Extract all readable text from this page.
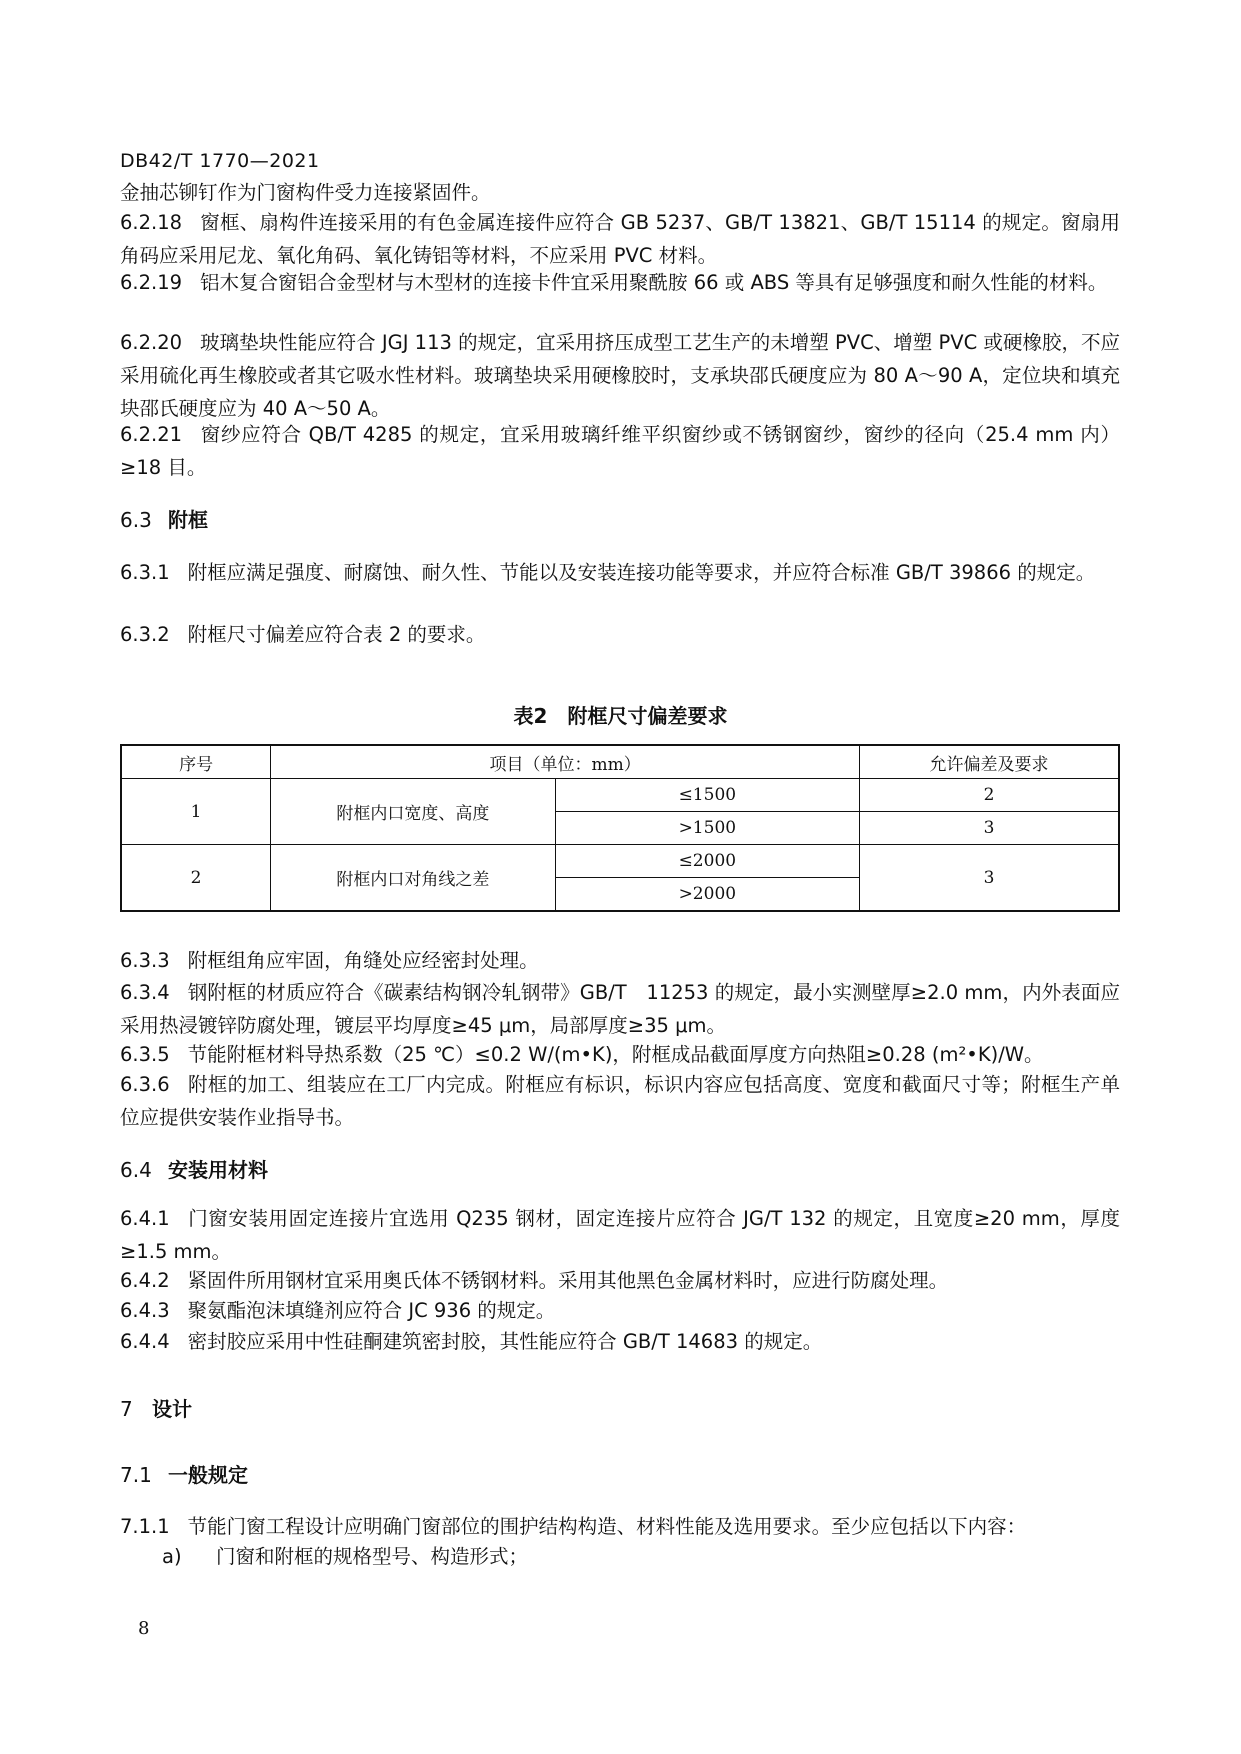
DB42/T 1770—2021
金抽芯铆钉作为门窗构件受力连接紧固件。
6.2.18 窗框、扇构件连接采用的有色金属连接件应符合 GB 5237、GB/T 13821、GB/T 15114 的规定。窗扇用角码应采用尼龙、氧化角码、氧化铸铝等材料，不应采用 PVC 材料。
6.2.19 铝木复合窗铝合金型材与木型材的连接卡件宜采用聚酰胺 66 或 ABS 等具有足够强度和耐久性能的材料。
6.2.20 玻璃垫块性能应符合 JGJ 113 的规定，宜采用挤压成型工艺生产的未增塑 PVC、增塑 PVC 或硬橡胶，不应采用硫化再生橡胶或者其它吸水性材料。玻璃垫块采用硬橡胶时，支承块邵氏硬度应为 80 A～90 A，定位块和填充块邵氏硬度应为 40 A～50 A。
6.2.21 窗纱应符合 QB/T 4285 的规定，宜采用玻璃纤维平织窗纱或不锈钢窗纱，窗纱的径向（25.4 mm 内）≥18 目。
6.3 附框
6.3.1 附框应满足强度、耐腐蚀、耐久性、节能以及安装连接功能等要求，并应符合标准 GB/T 39866 的规定。
6.3.2 附框尺寸偏差应符合表 2 的要求。
表2　附框尺寸偏差要求
序号	项目（单位：mm）		允许偏差及要求
1	附框内口宽度、高度	≤1500	2
		>1500	3
2	附框内口对角线之差	≤2000	3
		>2000	
6.3.3 附框组角应牢固，角缝处应经密封处理。
6.3.4 钢附框的材质应符合《碳素结构钢冷轧钢带》GB/T　11253 的规定，最小实测壁厚≥2.0 mm，内外表面应采用热浸镀锌防腐处理，镀层平均厚度≥45 μm，局部厚度≥35 μm。
6.3.5 节能附框材料导热系数（25 ℃）≤0.2 W/(m•K)，附框成品截面厚度方向热阻≥0.28 (m²•K)/W。
6.3.6 附框的加工、组装应在工厂内完成。附框应有标识，标识内容应包括高度、宽度和截面尺寸等；附框生产单位应提供安装作业指导书。
6.4 安装用材料
6.4.1 门窗安装用固定连接片宜选用 Q235 钢材，固定连接片应符合 JG/T 132 的规定，且宽度≥20 mm，厚度≥1.5 mm。
6.4.2 紧固件所用钢材宜采用奥氏体不锈钢材料。采用其他黑色金属材料时，应进行防腐处理。
6.4.3 聚氨酯泡沫填缝剂应符合 JC 936 的规定。
6.4.4 密封胶应采用中性硅酮建筑密封胶，其性能应符合 GB/T 14683 的规定。
7 设计
7.1 一般规定
7.1.1 节能门窗工程设计应明确门窗部位的围护结构构造、材料性能及选用要求。至少应包括以下内容：
a) 门窗和附框的规格型号、构造形式；
8
